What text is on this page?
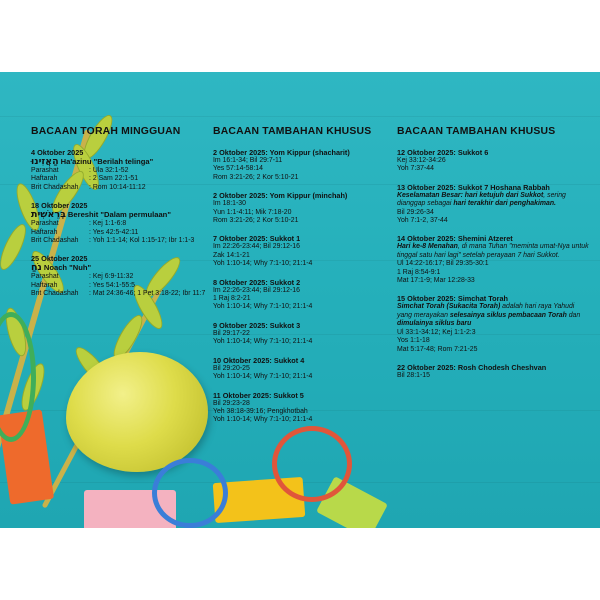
BACAAN TORAH MINGGUAN
4 Oktober 2025
הַאֲזִינוּ Ha'azinu "Berilah telinga"
Parashat	: Ula 32:1-52
Haftarah	: 2 Sam 22:1-51
Brit Chadashah	: Rom 10:14-11:12
18 Oktober 2025
בְּרֵאשִׁית Bereshit "Dalam permulaan"
Parashat	: Kej 1:1-6:8
Haftarah	: Yes 42:5-42:11
Brit Chadashah	: Yoh 1:1-14; Kol 1:15-17; Ibr 1:1-3
25 Oktober 2025
נֹחַ Noach "Nuh"
Parashat	: Kej 6:9-11:32
Haftarah	: Yes 54:1-55:5
Brit Chadashah	: Mat 24:36-46; 1 Pet 3:18-22; Ibr 11:7
BACAAN TAMBAHAN KHUSUS
2 Oktober 2025: Yom Kippur (shacharit)
Im 16:1-34; Bil 29:7-11
Yes 57:14-58:14
Rom 3:21-26; 2 Kor 5:10-21
2 Oktober 2025: Yom Kippur (minchah)
Im 18:1-30
Yun 1:1-4:11; Mik 7:18-20
Rom 3:21-26; 2 Kor 5:10-21
7 Oktober 2025: Sukkot 1
Im 22:26-23:44; Bil 29:12-16
Zak 14:1-21
Yoh 1:10-14; Why 7:1-10; 21:1-4
8 Oktober 2025: Sukkot 2
Im 22:26-23:44; Bil 29:12-16
1 Raj 8:2-21
Yoh 1:10-14; Why 7:1-10; 21:1-4
9 Oktober 2025: Sukkot 3
Bil 29:17-22
Yoh 1:10-14; Why 7:1-10; 21:1-4
10 Oktober 2025: Sukkot 4
Bil 29:20-25
Yoh 1:10-14; Why 7:1-10; 21:1-4
11 Oktober 2025: Sukkot 5
Bil 29:23-28
Yeh 38:18-39:16; Pengkhotbah
Yoh 1:10-14; Why 7:1-10; 21:1-4
BACAAN TAMBAHAN KHUSUS
12 Oktober 2025: Sukkot 6
Kej 33:12-34:26
Yoh 7:37-44
13 Oktober 2025: Sukkot 7 Hoshana Rabbah
Keselamatan Besar: hari ketujuh dari Sukkot, sering dianggap sebagai hari terakhir dari penghakiman.
Bil 29:26-34
Yoh 7:1-2, 37-44
14 Oktober 2025: Shemini Atzeret
Hari ke-8 Menahan, di mana Tuhan "meminta umat-Nya untuk tinggal satu hari lagi" setelah perayaan 7 hari Sukkot.
Ul 14:22-16:17; Bil 29:35-30:1
1 Raj 8:54-9:1
Mat 17:1-9; Mar 12:28-33
15 Oktober 2025: Simchat Torah
Simchat Torah (Sukacita Torah) adalah hari raya Yahudi yang merayakan selesainya siklus pembacaan Torah dan dimulainya siklus baru
Ul 33:1-34:12; Kej 1:1-2:3
Yos 1:1-18
Mat 5:17-48; Rom 7:21-25
22 Oktober 2025: Rosh Chodesh Cheshvan
Bil 28:1-15
